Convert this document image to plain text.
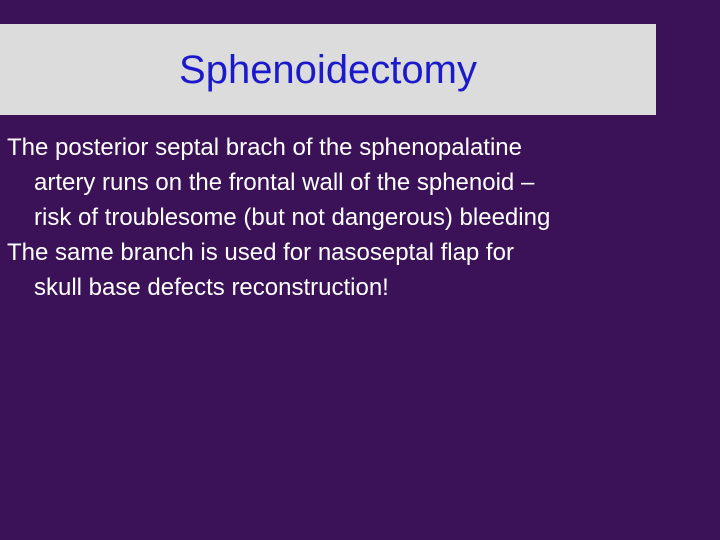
Sphenoidectomy

The posterior septal brach of the sphenopalatine
artery runs on the frontal wall of the sphenoid –
risk of troublesome (but not dangerous) bleeding

The same branch is used for nasoseptal flap for
skull base defects reconstruction!
